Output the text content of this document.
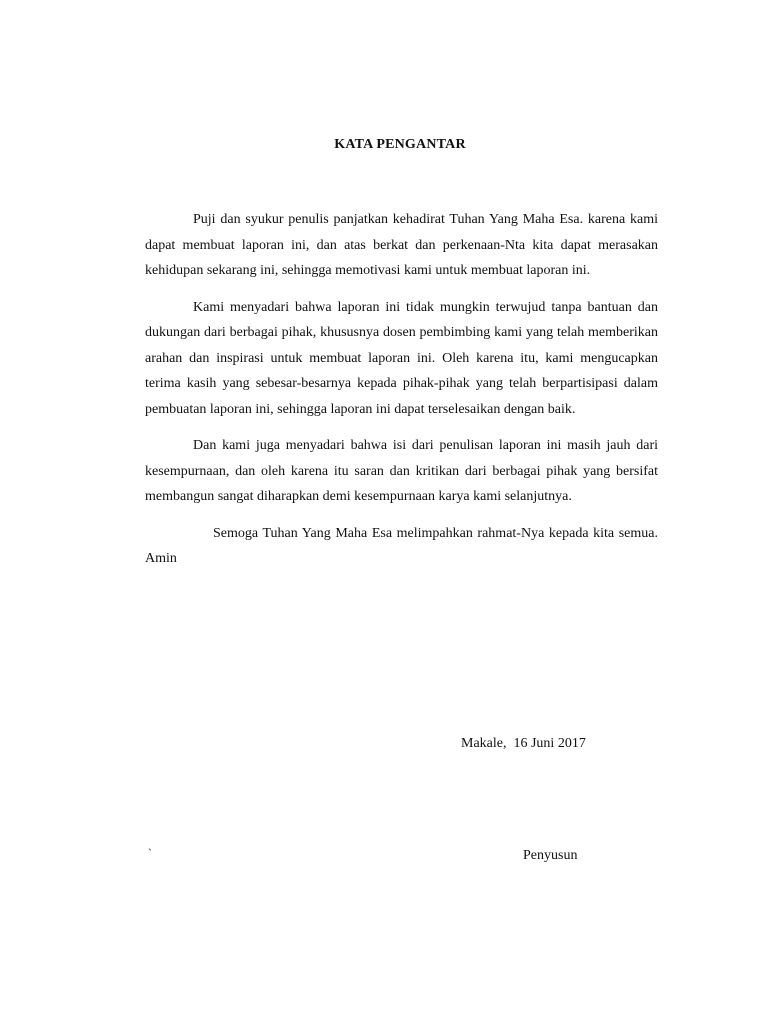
KATA PENGANTAR

Puji dan syukur penulis panjatkan kehadirat Tuhan Yang Maha Esa. karena kami dapat membuat laporan ini, dan atas berkat dan perkenaan-Nta kita dapat merasakan kehidupan sekarang ini, sehingga memotivasi kami untuk membuat laporan ini.

Kami menyadari bahwa laporan ini tidak mungkin terwujud tanpa bantuan dan dukungan dari berbagai pihak, khususnya dosen pembimbing kami yang telah memberikan arahan dan inspirasi untuk membuat laporan ini. Oleh karena itu, kami mengucapkan terima kasih yang sebesar-besarnya kepada pihak-pihak yang telah berpartisipasi dalam pembuatan laporan ini, sehingga laporan ini dapat terselesaikan dengan baik.

Dan kami juga menyadari bahwa isi dari penulisan laporan ini masih jauh dari kesempurnaan, dan oleh karena itu saran dan kritikan dari berbagai pihak yang bersifat membangun sangat diharapkan demi kesempurnaan karya kami selanjutnya.

Semoga Tuhan Yang Maha Esa melimpahkan rahmat-Nya kepada kita semua. Amin

Makale,  16 Juni 2017
`	Penyusun
